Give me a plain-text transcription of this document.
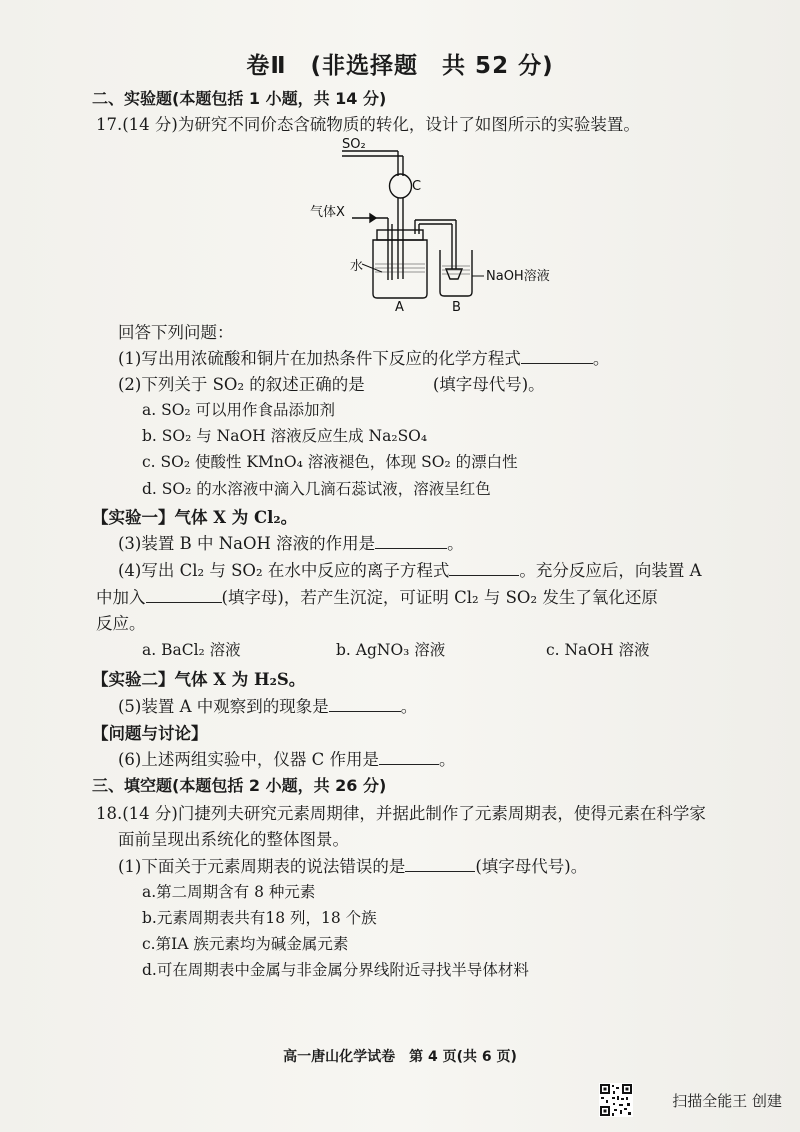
卷Ⅱ　(非选择题　共 52 分)
二、实验题(本题包括 1 小题，共 14 分)
17.(14 分)为研究不同价态含硫物质的转化，设计了如图所示的实验装置。
SO₂
C
气体X
水
NaOH溶液
A	B
回答下列问题：
(1)写出用浓硫酸和铜片在加热条件下反应的化学方程式	。
(2)下列关于 SO₂ 的叙述正确的是	(填字母代号)。
a. SO₂ 可以用作食品添加剂
b. SO₂ 与 NaOH 溶液反应生成 Na₂SO₄
c. SO₂ 使酸性 KMnO₄ 溶液褪色，体现 SO₂ 的漂白性
d. SO₂ 的水溶液中滴入几滴石蕊试液，溶液呈红色
【实验一】气体 X 为 Cl₂。
(3)装置 B 中 NaOH 溶液的作用是	。
(4)写出 Cl₂ 与 SO₂ 在水中反应的离子方程式	。充分反应后，向装置 A
中加入	(填字母)，若产生沉淀，可证明 Cl₂ 与 SO₂ 发生了氧化还原
反应。
a. BaCl₂ 溶液	b. AgNO₃ 溶液	c. NaOH 溶液
【实验二】气体 X 为 H₂S。
(5)装置 A 中观察到的现象是	。
【问题与讨论】
(6)上述两组实验中，仪器 C 作用是	。
三、填空题(本题包括 2 小题，共 26 分)
18.(14 分)门捷列夫研究元素周期律，并据此制作了元素周期表，使得元素在科学家
面前呈现出系统化的整体图景。
(1)下面关于元素周期表的说法错误的是	(填字母代号)。
a.第二周期含有 8 种元素
b.元素周期表共有18 列，18 个族
c.第ⅠA 族元素均为碱金属元素
d.可在周期表中金属与非金属分界线附近寻找半导体材料
高一唐山化学试卷　第 4 页(共 6 页)
扫描全能王 创建
